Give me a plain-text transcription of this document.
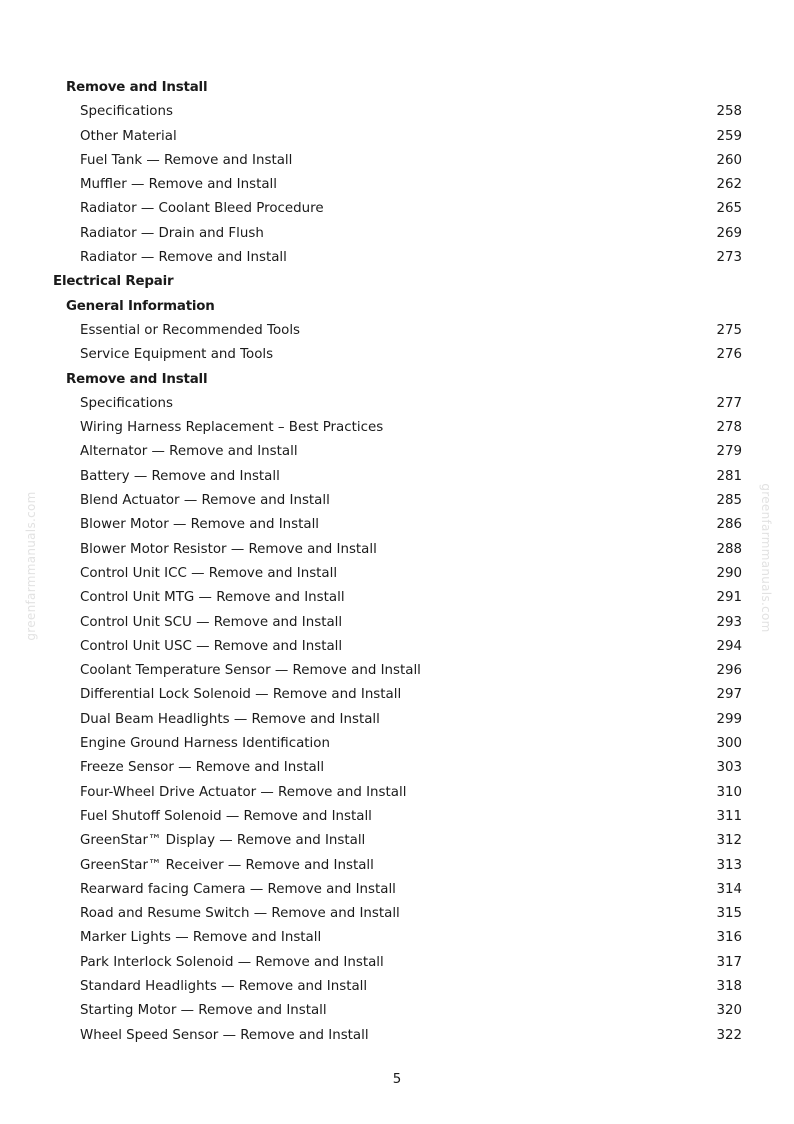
Remove and Install
Specifications	258
Other Material	259
Fuel Tank — Remove and Install	260
Muffler — Remove and Install	262
Radiator — Coolant Bleed Procedure	265
Radiator — Drain and Flush	269
Radiator — Remove and Install	273
Electrical Repair
General Information
Essential or Recommended Tools	275
Service Equipment and Tools	276
Remove and Install
Specifications	277
Wiring Harness Replacement – Best Practices	278
Alternator — Remove and Install	279
Battery — Remove and Install	281
Blend Actuator — Remove and Install	285
Blower Motor — Remove and Install	286
Blower Motor Resistor — Remove and Install	288
Control Unit ICC — Remove and Install	290
Control Unit MTG — Remove and Install	291
Control Unit SCU — Remove and Install	293
Control Unit USC — Remove and Install	294
Coolant Temperature Sensor — Remove and Install	296
Differential Lock Solenoid — Remove and Install	297
Dual Beam Headlights — Remove and Install	299
Engine Ground Harness Identification	300
Freeze Sensor — Remove and Install	303
Four-Wheel Drive Actuator — Remove and Install	310
Fuel Shutoff Solenoid — Remove and Install	311
GreenStar™ Display — Remove and Install	312
GreenStar™ Receiver — Remove and Install	313
Rearward facing Camera — Remove and Install	314
Road and Resume Switch — Remove and Install	315
Marker Lights — Remove and Install	316
Park Interlock Solenoid — Remove and Install	317
Standard Headlights — Remove and Install	318
Starting Motor — Remove and Install	320
Wheel Speed Sensor — Remove and Install	322
greenfarmmanuals.com	greenfarmmanuals.com
5
